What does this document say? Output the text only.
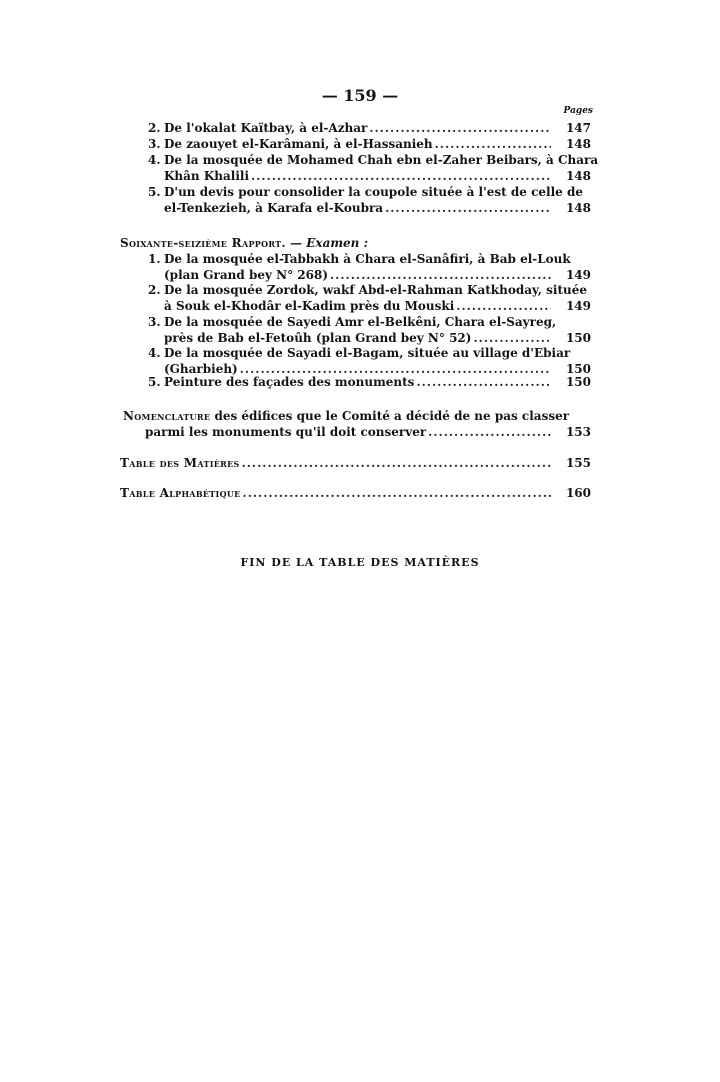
— 159 —
Pages
2. De l'okalat Kaïtbay, à el-Azhar .....	147
3. De zaouyet el-Karâmani, à el-Hassanieh .....	148
4. De la mosquée de Mohamed Chah ebn el-Zaher Beibars, à Chara
Khân Khalili .....	148
5. D'un devis pour consolider la coupole située à l'est de celle de
el-Tenkezieh, à Karafa el-Koubra .....	148
Soixante-seizième Rapport. — Examen :
1. De la mosquée el-Tabbakh à Chara el-Sanâfiri, à Bab el-Louk
(plan Grand bey N° 268) .....	149
2. De la mosquée Zordok, wakf Abd-el-Rahman Katkhoday, située
à Souk el-Khodâr el-Kadim près du Mouski .....	149
3. De la mosquée de Sayedi Amr el-Belkêni, Chara el-Sayreg,
près de Bab el-Fetoûh (plan Grand bey N° 52) .....	150
4. De la mosquée de Sayadi el-Bagam, située au village d'Ebiar
(Gharbieh) .....	150
5. Peinture des façades des monuments .....	150
Nomenclature des édifices que le Comité a décidé de ne pas classer
parmi les monuments qu'il doit conserver .....	153
Table des Matières .....	155
Table Alphabétique .....	160
FIN DE LA TABLE DES MATIÈRES
